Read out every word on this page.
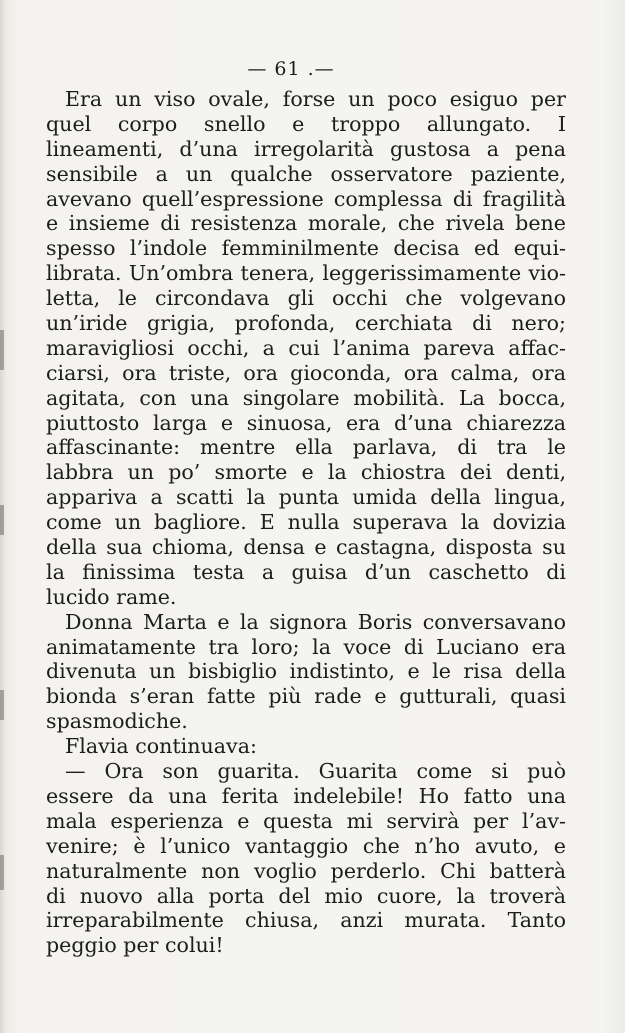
— 61 .—
Era un viso ovale, forse un poco esiguo per
quel corpo snello e troppo allungato. I
lineamenti, d’una irregolarità gustosa a pena
sensibile a un qualche osservatore paziente,
avevano quell’espressione complessa di fragilità
e insieme di resistenza morale, che rivela bene
spesso l’indole femminilmente decisa ed equi-
librata. Un’ombra tenera, leggerissimamente vio-
letta, le circondava gli occhi che volgevano
un’iride grigia, profonda, cerchiata di nero;
maravigliosi occhi, a cui l’anima pareva affac-
ciarsi, ora triste, ora gioconda, ora calma, ora
agitata, con una singolare mobilità. La bocca,
piuttosto larga e sinuosa, era d’una chiarezza
affascinante: mentre ella parlava, di tra le
labbra un po’ smorte e la chiostra dei denti,
appariva a scatti la punta umida della lingua,
come un bagliore. E nulla superava la dovizia
della sua chioma, densa e castagna, disposta su
la finissima testa a guisa d’un caschetto di
lucido rame.
Donna Marta e la signora Boris conversavano
animatamente tra loro; la voce di Luciano era
divenuta un bisbiglio indistinto, e le risa della
bionda s’eran fatte più rade e gutturali, quasi
spasmodiche.
Flavia continuava:
— Ora son guarita. Guarita come si può
essere da una ferita indelebile! Ho fatto una
mala esperienza e questa mi servirà per l’av-
venire; è l’unico vantaggio che n’ho avuto, e
naturalmente non voglio perderlo. Chi batterà
di nuovo alla porta del mio cuore, la troverà
irreparabilmente chiusa, anzi murata. Tanto
peggio per colui!
